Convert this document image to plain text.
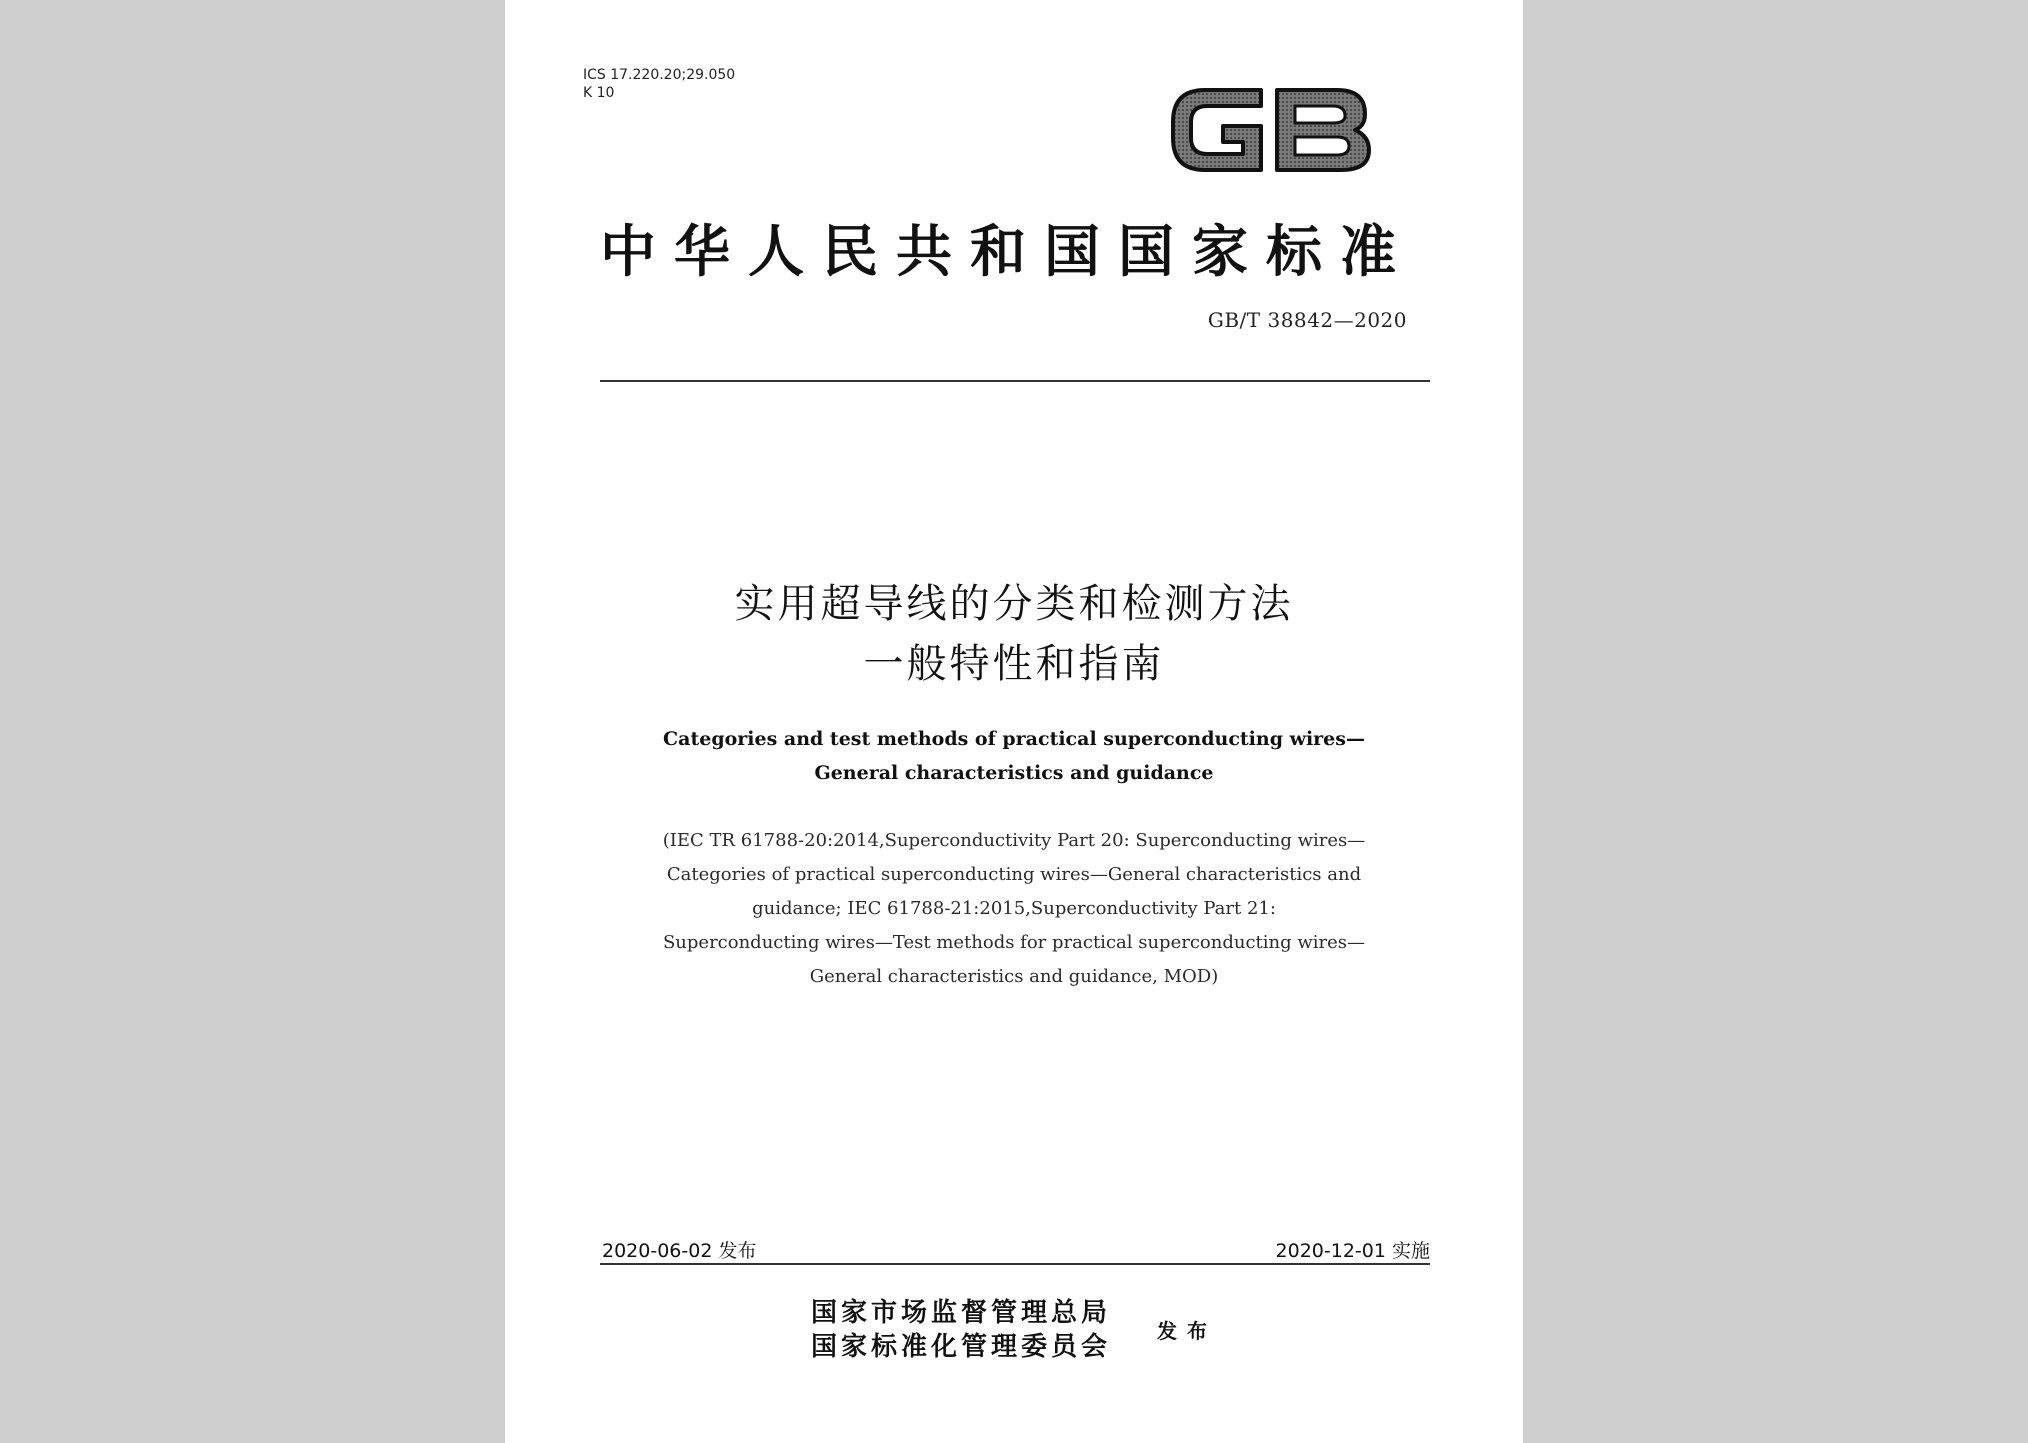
ICS 17.220.20;29.050
K 10
中华人民共和国国家标准
GB/T 38842—2020
实用超导线的分类和检测方法
一般特性和指南
Categories and test methods of practical superconducting wires—
General characteristics and guidance
(IEC TR 61788-20:2014,Superconductivity Part 20: Superconducting wires—
Categories of practical superconducting wires—General characteristics and
guidance; IEC 61788-21:2015,Superconductivity Part 21:
Superconducting wires—Test methods for practical superconducting wires—
General characteristics and guidance, MOD)
2020-06-02 发布	2020-12-01 实施
国家市场监督管理总局
国家标准化管理委员会
发布
